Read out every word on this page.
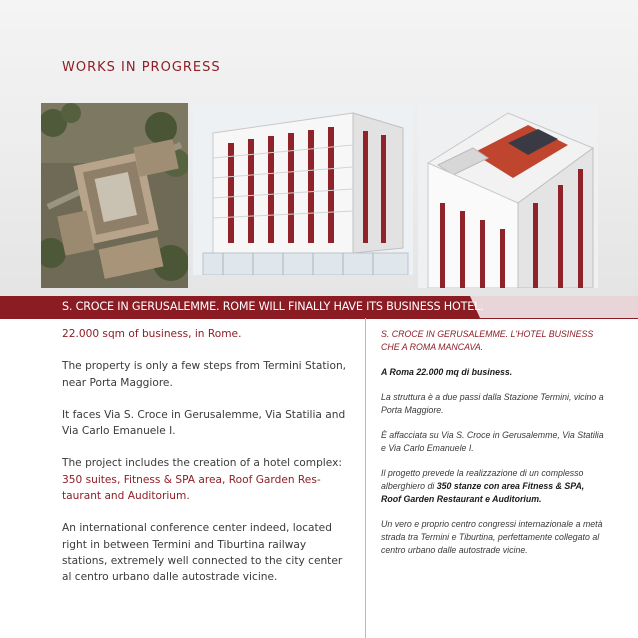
WORKS IN PROGRESS
S. CROCE IN GERUSALEMME. ROME WILL FINALLY HAVE ITS BUSINESS HOTEL.

22.000 sqm of business, in Rome.

The property is only a few steps from Termini Station, near Porta Maggiore.

It faces Via S. Croce in Gerusalemme, Via Statilia and Via Carlo Emanuele I.

The project includes the creation of a hotel complex: 350 suites, Fitness & SPA area, Roof Garden Res-taurant and Auditorium.

An international conference center indeed, located right in between Termini and Tiburtina railway stations, extremely well connected to the city center al centro urbano dalle autostrade vicine.

S. CROCE IN GERUSALEMME. L'HOTEL BUSINESS CHE A ROMA MANCAVA.

A Roma 22.000 mq di business.

La struttura è a due passi dalla Stazione Termini, vicino a Porta Maggiore.

È affacciata su Via S. Croce in Gerusalemme, Via Statilia e Via Carlo Emanuele I.

Il progetto prevede la realizzazione di un complesso alberghiero di 350 stanze con area Fitness & SPA, Roof Garden Restaurant e Auditorium.

Un vero e proprio centro congressi internazionale a metà strada tra Termini e Tiburtina, perfettamente collegato al centro urbano dalle autostrade vicine.
